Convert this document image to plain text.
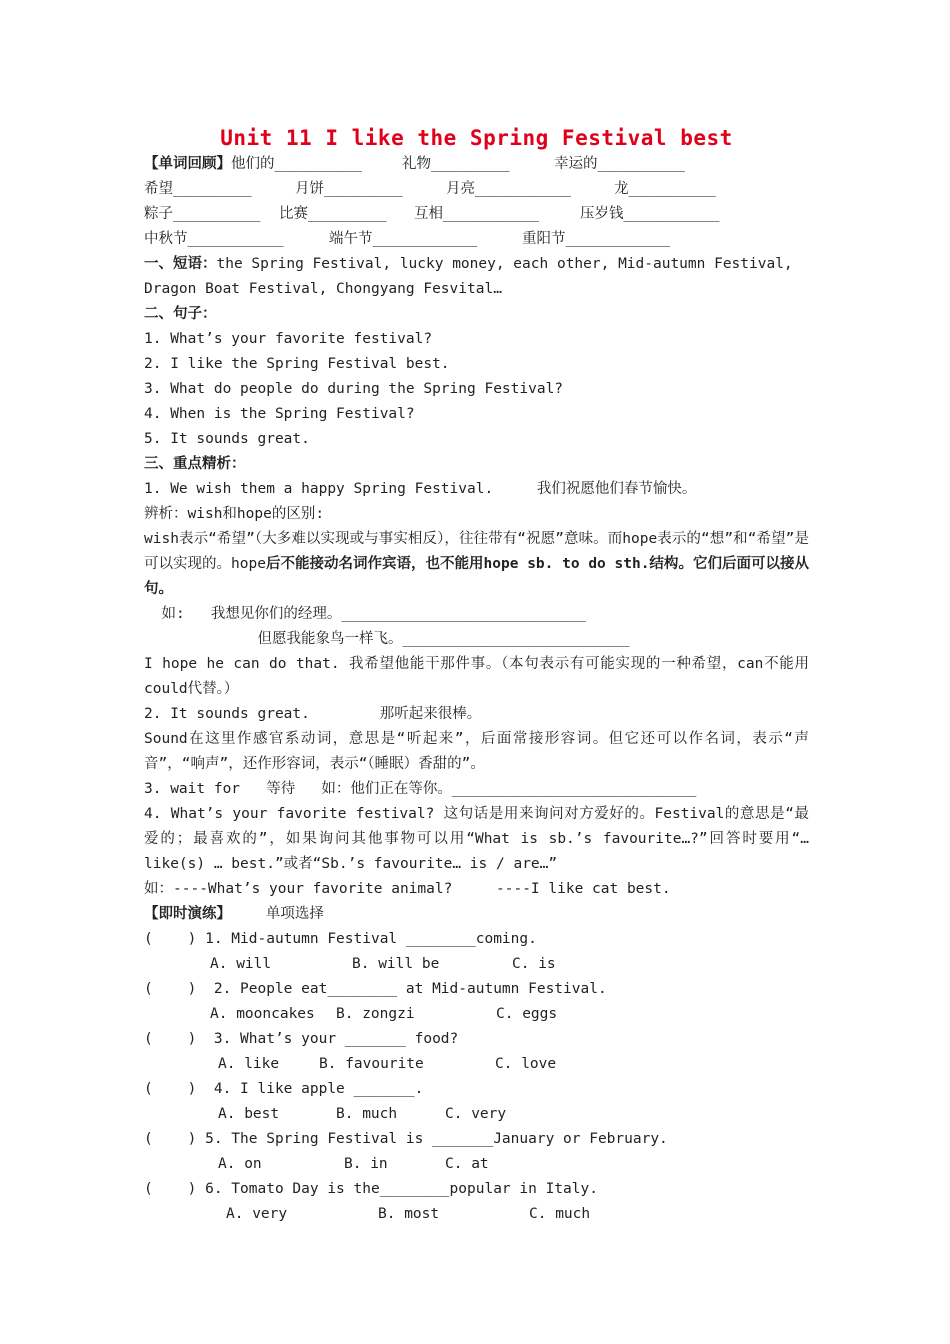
Unit 11 I like the Spring Festival best
【单词回顾】 他们的__________	礼物_________	幸运的__________
希望_________	月饼_________	月亮___________	龙__________
粽子__________	比赛_________	互相___________	压岁钱___________
中秋节___________	端午节____________	重阳节____________
一、短语：the Spring Festival, lucky money, each other, Mid-autumn Festival,
Dragon Boat Festival, Chongyang Fesvital…
二、句子：
1. What’s your favorite festival?
2. I like the Spring Festival best.
3. What do people do during the Spring Festival?
4. When is the Spring Festival?
5. It sounds great.
三、重点精析：
1. We wish them a happy Spring Festival.     我们祝愿他们春节愉快。
辨析：wish和hope的区别:
wish表示“希望”（大多难以实现或与事实相反），往往带有“祝愿”意味。而hope表示的“想”和“希望”是可以实现的。hope后不能接动名词作宾语，也不能用hope sb. to do sth.结构。它们后面可以接从句。
如:   我想见你们的经理。____________________________
但愿我能象鸟一样飞。__________________________
I hope he can do that. 我希望他能干那件事。（本句表示有可能实现的一种希望，can不能用could代替。）
2. It sounds great.        那听起来很棒。
Sound在这里作感官系动词，意思是“听起来”，后面常接形容词。但它还可以作名词，表示“声音”，“响声”，还作形容词，表示“（睡眠）香甜的”。
3. wait for   等待   如：他们正在等你。____________________________
4. What’s your favorite festival? 这句话是用来询问对方爱好的。Festival的意思是“最爱的；最喜欢的”，如果询问其他事物可以用“What is sb.’s favourite…?”回答时要用“…like(s) … best.”或者“Sb.’s favourite… is / are…”
如：----What’s your favorite animal?     ----I like cat best.
【即时演练】 单项选择
(    ) 1. Mid-autumn Festival ________coming.
A. will	B. will be	C. is
(    )  2. People eat________ at Mid-autumn Festival.
A. mooncakes	B. zongzi	C. eggs
(    )  3. What’s your _______ food?
A. like	B. favourite	C. love
(    )  4. I like apple _______.
A. best	B. much	C. very
(    ) 5. The Spring Festival is _______January or February.
A. on	B. in	C. at
(    ) 6. Tomato Day is the________popular in Italy.
A. very	B. most	C. much
